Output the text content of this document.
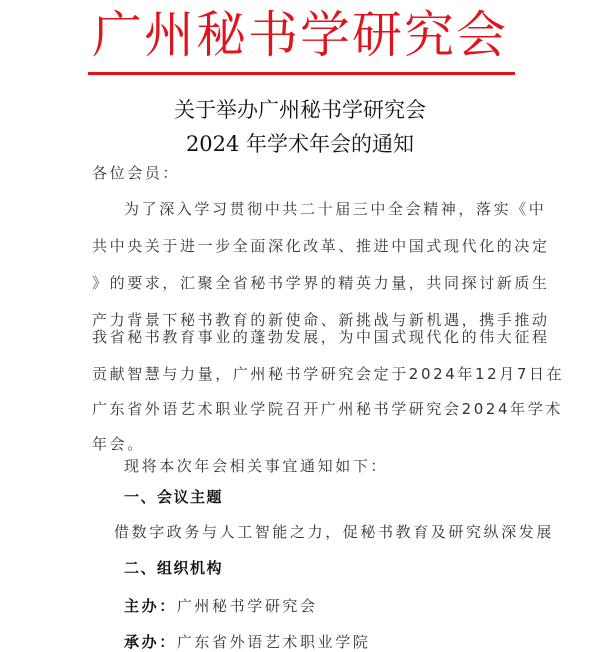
广州秘书学研究会
关于举办广州秘书学研究会
2024 年学术年会的通知
各位会员：
为了深入学习贯彻中共二十届三中全会精神，落实《中
共中央关于进一步全面深化改革、推进中国式现代化的决定
》的要求，汇聚全省秘书学界的精英力量，共同探讨新质生
产力背景下秘书教育的新使命、新挑战与新机遇，携手推动
我省秘书教育事业的蓬勃发展，为中国式现代化的伟大征程
贡献智慧与力量，广州秘书学研究会定于2024年12月7日在
广东省外语艺术职业学院召开广州秘书学研究会2024年学术
年会。
现将本次年会相关事宜通知如下：
一、会议主题
借数字政务与人工智能之力，促秘书教育及研究纵深发展
二、组织机构
主办：广州秘书学研究会
承办：广东省外语艺术职业学院
